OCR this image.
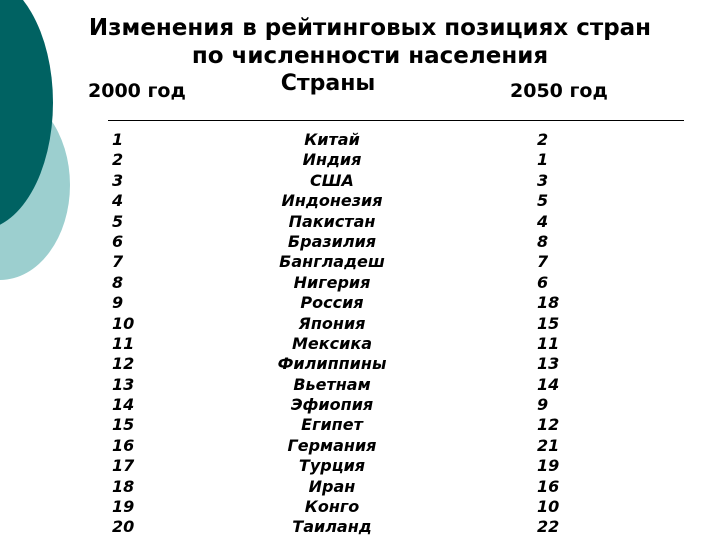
Изменения в рейтинговых позициях стран
по численности населения
2000 год	Страны	2050 год
1
2
3
4
5
6
7
8
9
10
11
12
13
14
15
16
17
18
19
20
Китай
Индия
США
Индонезия
Пакистан
Бразилия
Бангладеш
Нигерия
Россия
Япония
Мексика
Филиппины
Вьетнам
Эфиопия
Египет
Германия
Турция
Иран
Конго
Таиланд
2
1
3
5
4
8
7
6
18
15
11
13
14
9
12
21
19
16
10
22
